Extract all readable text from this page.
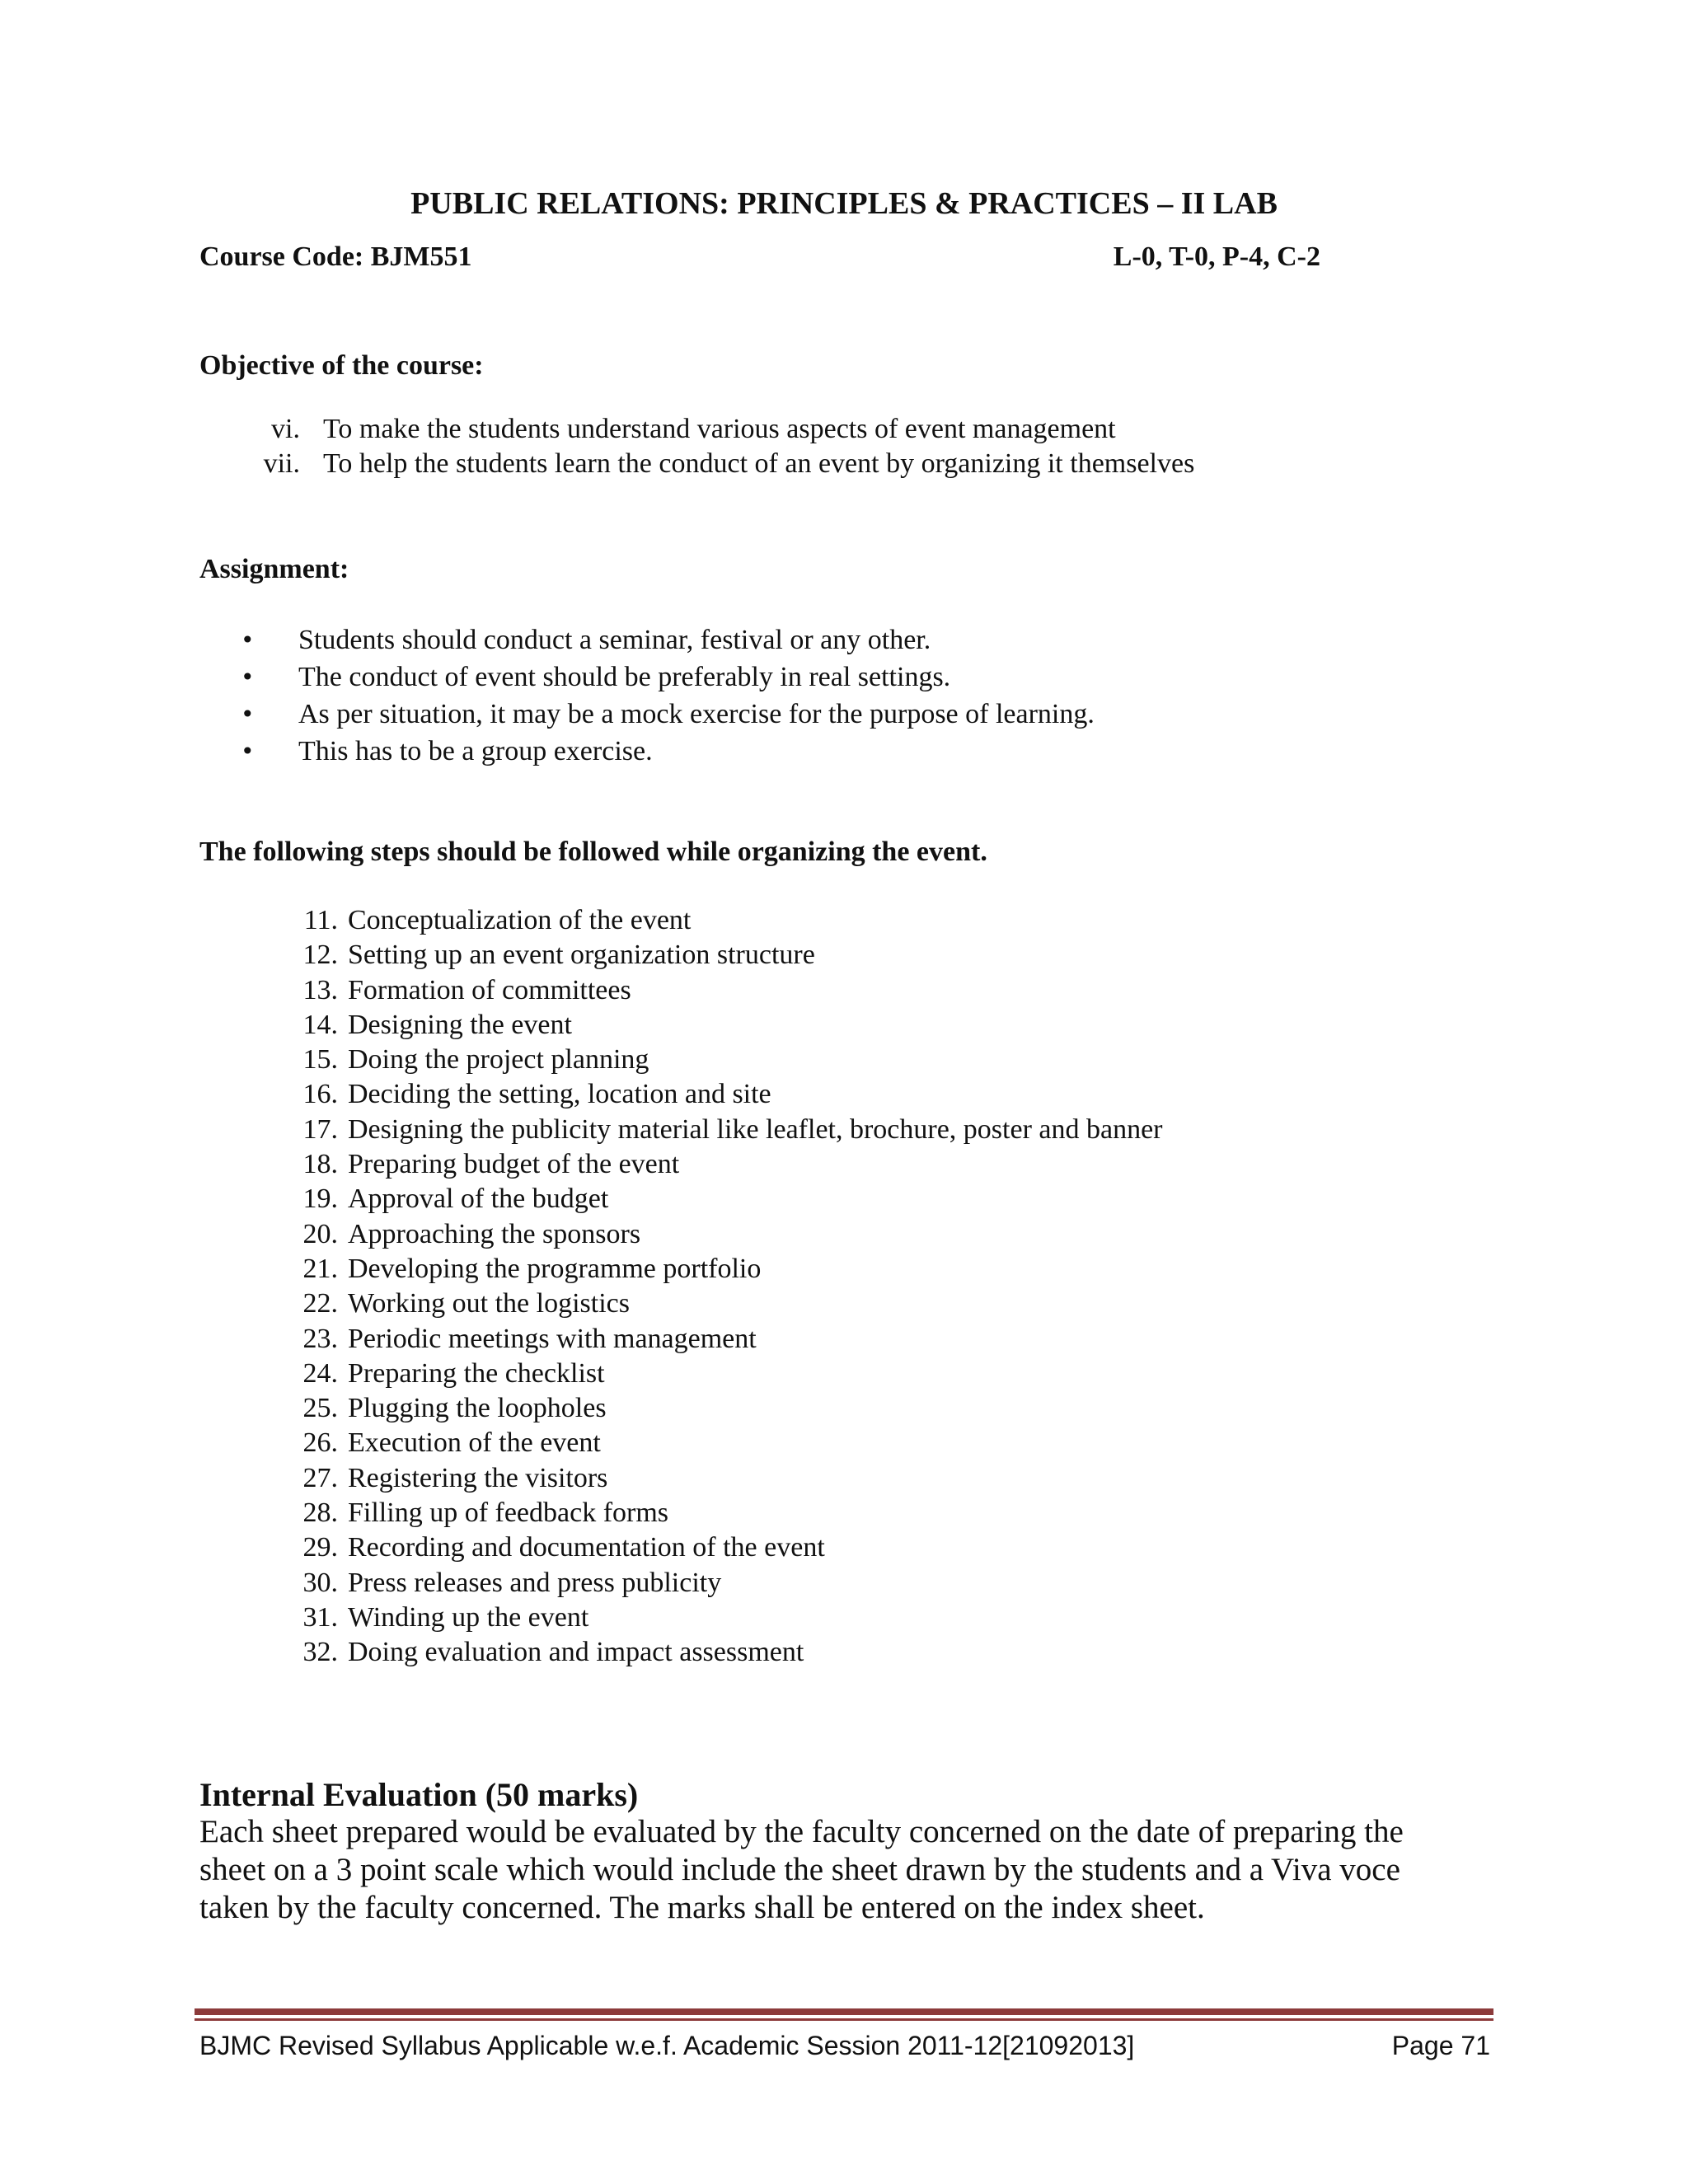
PUBLIC RELATIONS: PRINCIPLES & PRACTICES – II LAB
Course Code: BJM551	L-0, T-0, P-4, C-2
Objective of the course:
vi. To make the students understand various aspects of event management
vii. To help the students learn the conduct of an event by organizing it themselves
Assignment:
• Students should conduct a seminar, festival or any other.
• The conduct of event should be preferably in real settings.
• As per situation, it may be a mock exercise for the purpose of learning.
• This has to be a group exercise.
The following steps should be followed while organizing the event.
11. Conceptualization of the event
12. Setting up an event organization structure
13. Formation of committees
14. Designing the event
15. Doing the project planning
16. Deciding the setting, location and site
17. Designing the publicity material like leaflet, brochure, poster and banner
18. Preparing budget of the event
19. Approval of the budget
20. Approaching the sponsors
21. Developing the programme portfolio
22. Working out the logistics
23. Periodic meetings with management
24. Preparing the checklist
25. Plugging the loopholes
26. Execution of the event
27. Registering the visitors
28. Filling up of feedback forms
29. Recording and documentation of the event
30. Press releases and press publicity
31. Winding up the event
32. Doing evaluation and impact assessment
Internal Evaluation (50 marks)

Each sheet prepared would be evaluated by the faculty concerned on the date of preparing the sheet on a 3 point scale which would include the sheet drawn by the students and a Viva voce taken by the faculty concerned. The marks shall be entered on the index sheet.

BJMC Revised Syllabus Applicable w.e.f. Academic Session 2011-12[21092013]	Page 71
